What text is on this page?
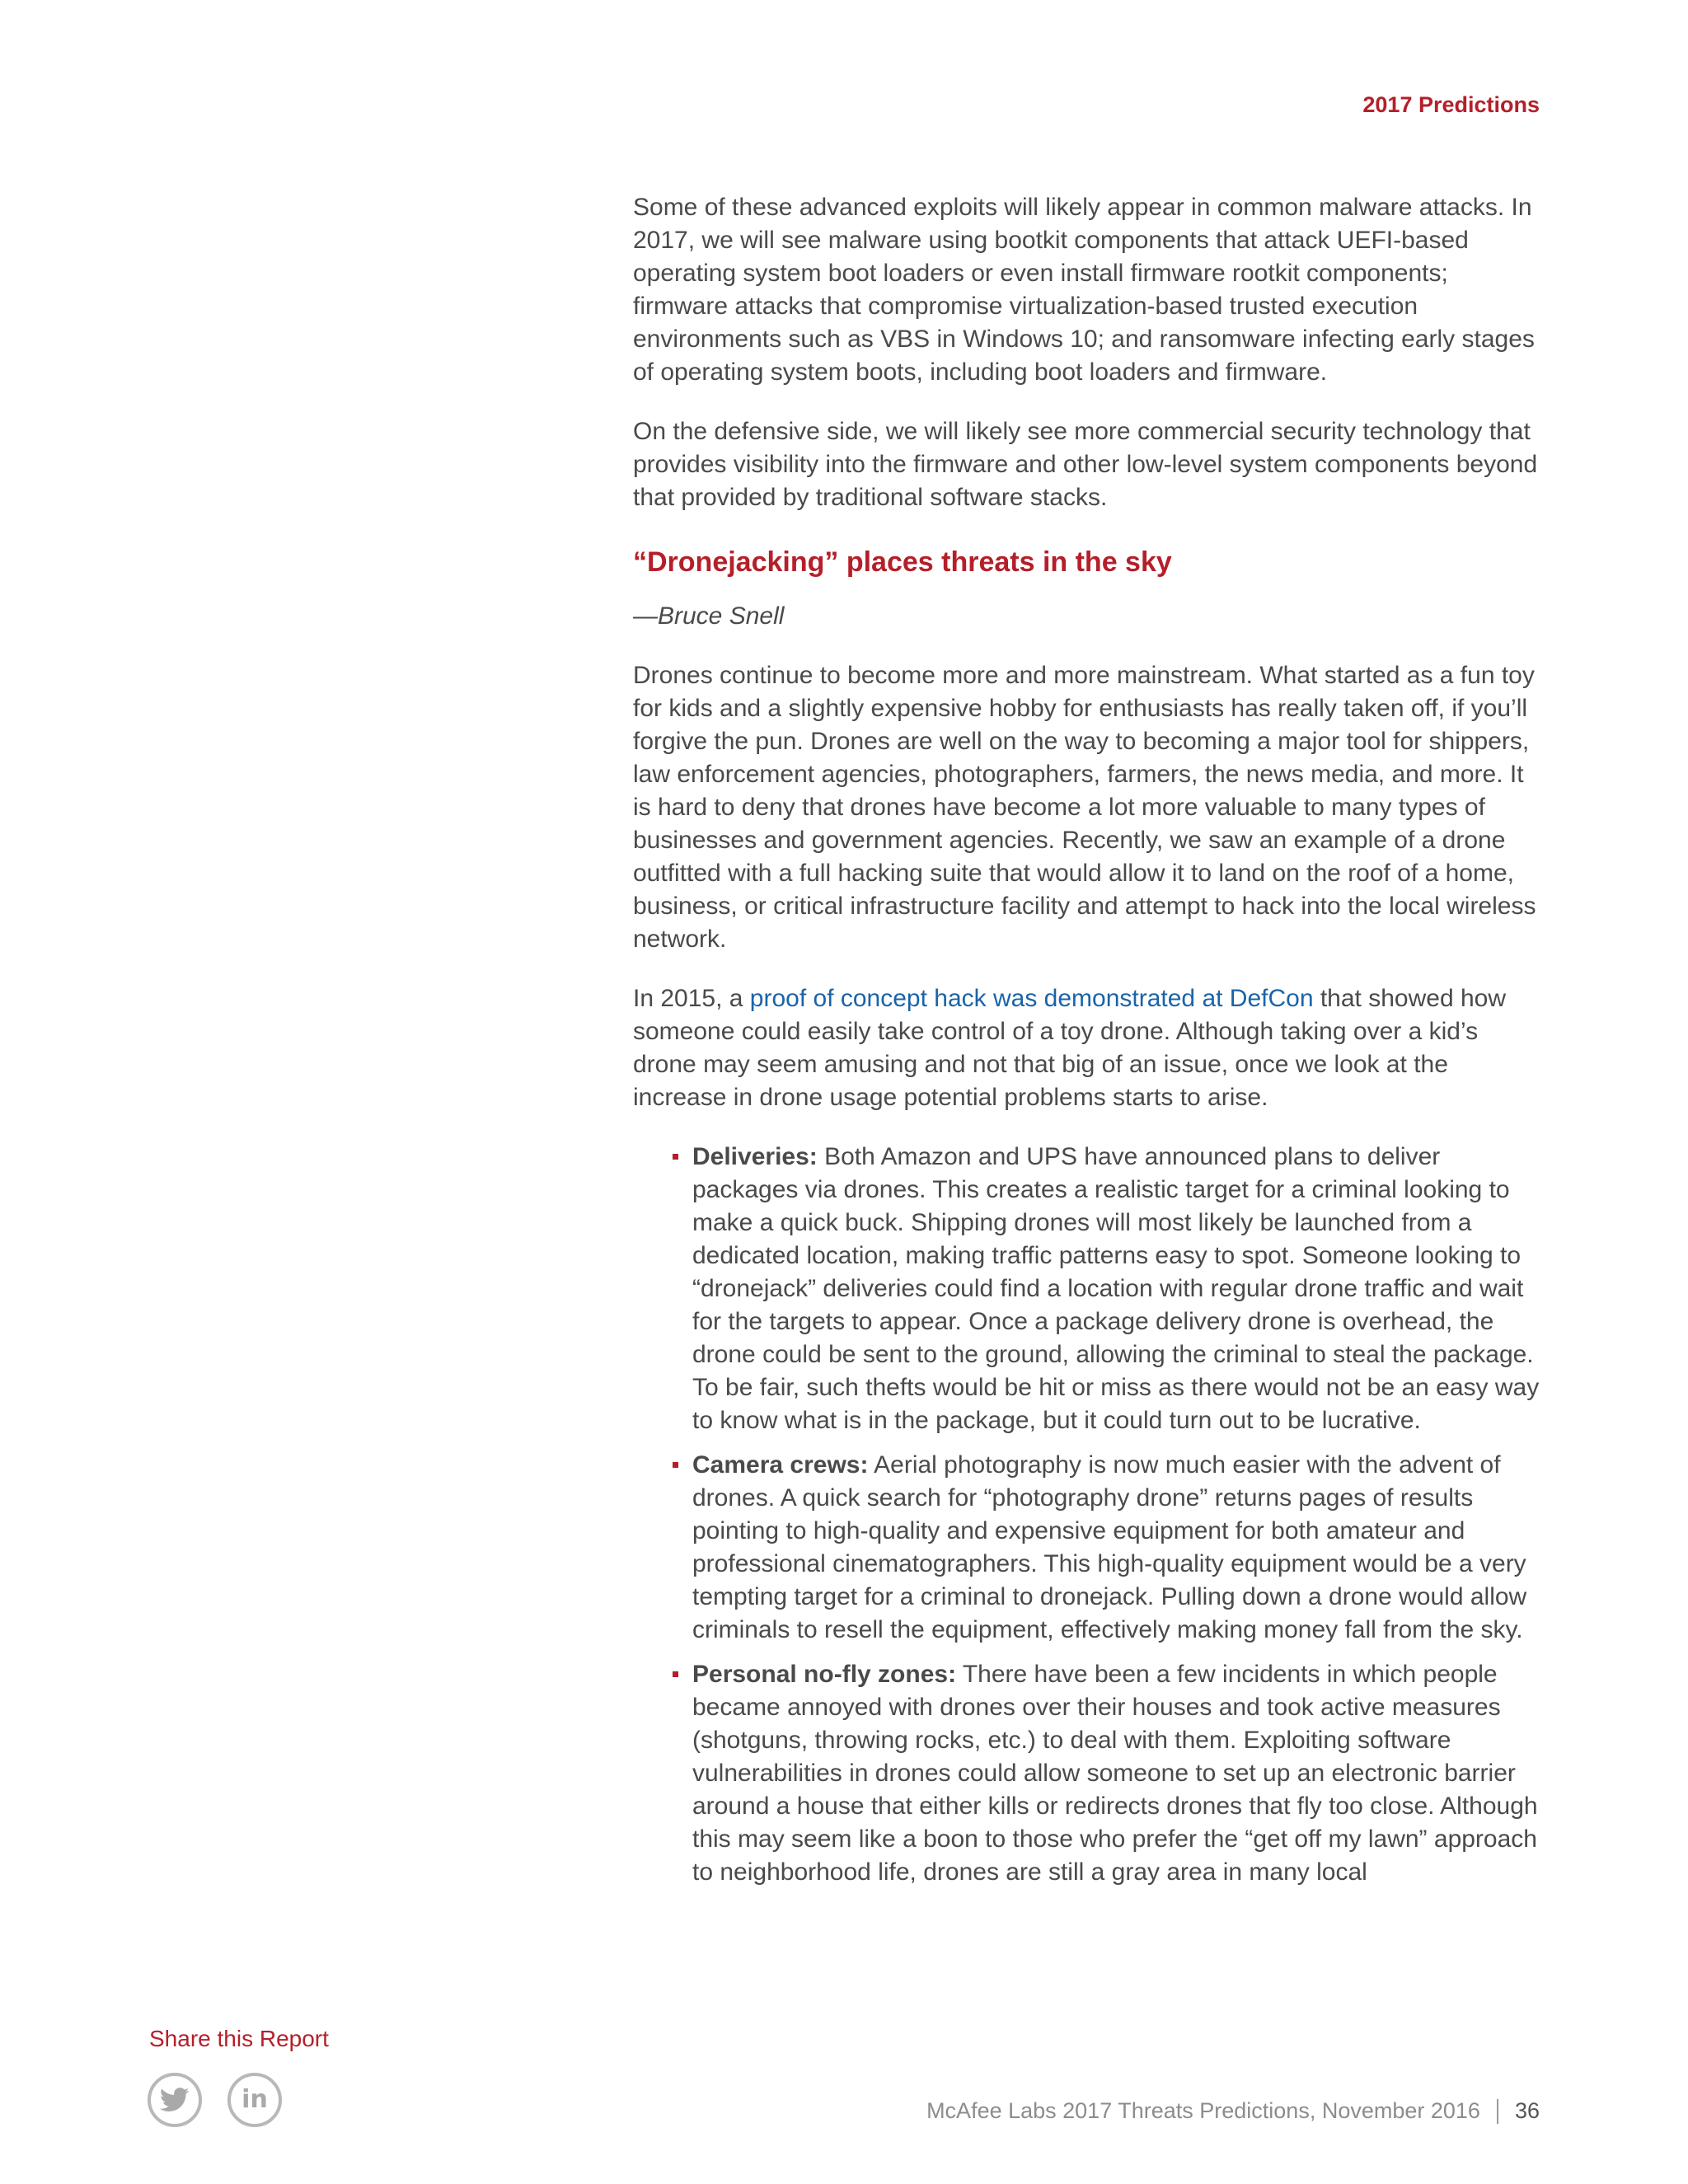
2017 Predictions

Some of these advanced exploits will likely appear in common malware attacks. In 2017, we will see malware using bootkit components that attack UEFI-based operating system boot loaders or even install firmware rootkit components; firmware attacks that compromise virtualization-based trusted execution environments such as VBS in Windows 10; and ransomware infecting early stages of operating system boots, including boot loaders and firmware.

On the defensive side, we will likely see more commercial security technology that provides visibility into the firmware and other low-level system components beyond that provided by traditional software stacks.

“Dronejacking” places threats in the sky

—Bruce Snell

Drones continue to become more and more mainstream. What started as a fun toy for kids and a slightly expensive hobby for enthusiasts has really taken off, if you’ll forgive the pun. Drones are well on the way to becoming a major tool for shippers, law enforcement agencies, photographers, farmers, the news media, and more. It is hard to deny that drones have become a lot more valuable to many types of businesses and government agencies. Recently, we saw an example of a drone outfitted with a full hacking suite that would allow it to land on the roof of a home, business, or critical infrastructure facility and attempt to hack into the local wireless network.

In 2015, a proof of concept hack was demonstrated at DefCon that showed how someone could easily take control of a toy drone. Although taking over a kid’s drone may seem amusing and not that big of an issue, once we look at the increase in drone usage potential problems starts to arise.

Deliveries: Both Amazon and UPS have announced plans to deliver packages via drones. This creates a realistic target for a criminal looking to make a quick buck. Shipping drones will most likely be launched from a dedicated location, making traffic patterns easy to spot. Someone looking to “dronejack” deliveries could find a location with regular drone traffic and wait for the targets to appear. Once a package delivery drone is overhead, the drone could be sent to the ground, allowing the criminal to steal the package. To be fair, such thefts would be hit or miss as there would not be an easy way to know what is in the package, but it could turn out to be lucrative.
Camera crews: Aerial photography is now much easier with the advent of drones. A quick search for “photography drone” returns pages of results pointing to high-quality and expensive equipment for both amateur and professional cinematographers. This high-quality equipment would be a very tempting target for a criminal to dronejack. Pulling down a drone would allow criminals to resell the equipment, effectively making money fall from the sky.
Personal no-fly zones: There have been a few incidents in which people became annoyed with drones over their houses and took active measures (shotguns, throwing rocks, etc.) to deal with them. Exploiting software vulnerabilities in drones could allow someone to set up an electronic barrier around a house that either kills or redirects drones that fly too close. Although this may seem like a boon to those who prefer the “get off my lawn” approach to neighborhood life, drones are still a gray area in many local
Share this Report
in	McAfee Labs 2017 Threats Predictions, November 2016 36
